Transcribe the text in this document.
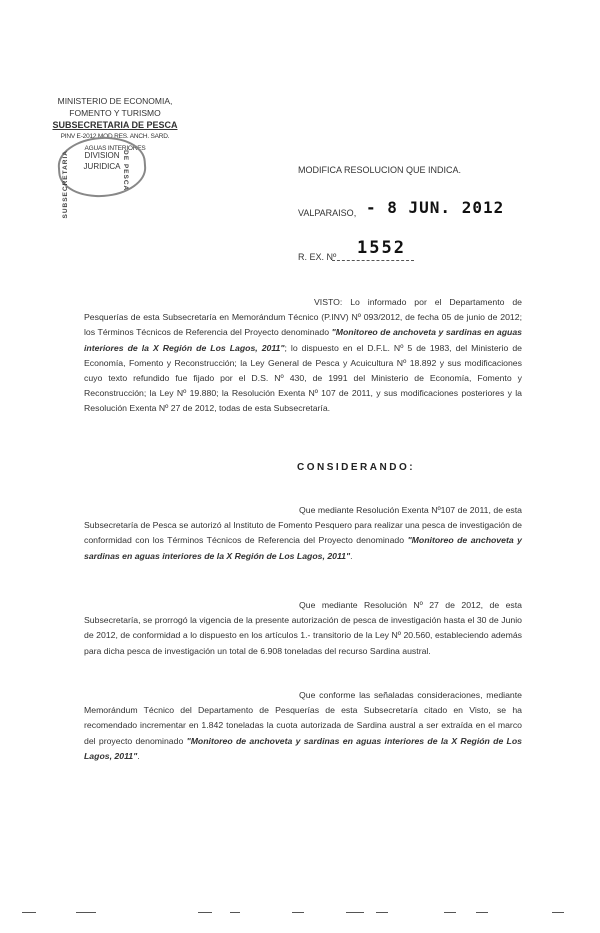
MINISTERIO DE ECONOMIA,
FOMENTO Y TURISMO
SUBSECRETARIA DE PESCA
PINV E-2012 MOD RES. ANCH. SARD.
AGUAS INTERIORES
SUBSECRETARIA	DE PESCA
DIVISION
JURIDICA	MODIFICA RESOLUCION QUE INDICA.
VALPARAISO, - 8 JUN. 2012
1552
R. EX. Nº
VISTO: Lo informado por el Departamento de Pesquerías de esta Subsecretaría en Memorándum Técnico (P.INV) Nº 093/2012, de fecha 05 de junio de 2012; los Términos Técnicos de Referencia del Proyecto denominado "Monitoreo de anchoveta y sardinas en aguas interiores de la X Región de Los Lagos, 2011"; lo dispuesto en el D.F.L. Nº 5 de 1983, del Ministerio de Economía, Fomento y Reconstrucción; la Ley General de Pesca y Acuicultura Nº 18.892 y sus modificaciones cuyo texto refundido fue fijado por el D.S. Nº 430, de 1991 del Ministerio de Economía, Fomento y Reconstrucción; la Ley Nº 19.880; la Resolución Exenta Nº 107 de 2011, y sus modificaciones posteriores y la Resolución Exenta Nº 27 de 2012, todas de esta Subsecretaría.
CONSIDERANDO:
Que mediante Resolución Exenta Nº107 de 2011, de esta Subsecretaría de Pesca se autorizó al Instituto de Fomento Pesquero para realizar una pesca de investigación de conformidad con los Términos Técnicos de Referencia del Proyecto denominado "Monitoreo de anchoveta y sardinas en aguas interiores de la X Región de Los Lagos, 2011".
Que mediante Resolución Nº 27 de 2012, de esta Subsecretaría, se prorrogó la vigencia de la presente autorización de pesca de investigación hasta el 30 de Junio de 2012, de conformidad a lo dispuesto en los artículos 1.- transitorio de la Ley Nº 20.560, estableciendo además para dicha pesca de investigación un total de 6.908 toneladas del recurso Sardina austral.
Que conforme las señaladas consideraciones, mediante Memorándum Técnico del Departamento de Pesquerías de esta Subsecretaría citado en Visto, se ha recomendado incrementar en 1.842 toneladas la cuota autorizada de Sardina austral a ser extraída en el marco del proyecto denominado "Monitoreo de anchoveta y sardinas en aguas interiores de la X Región de Los Lagos, 2011".
